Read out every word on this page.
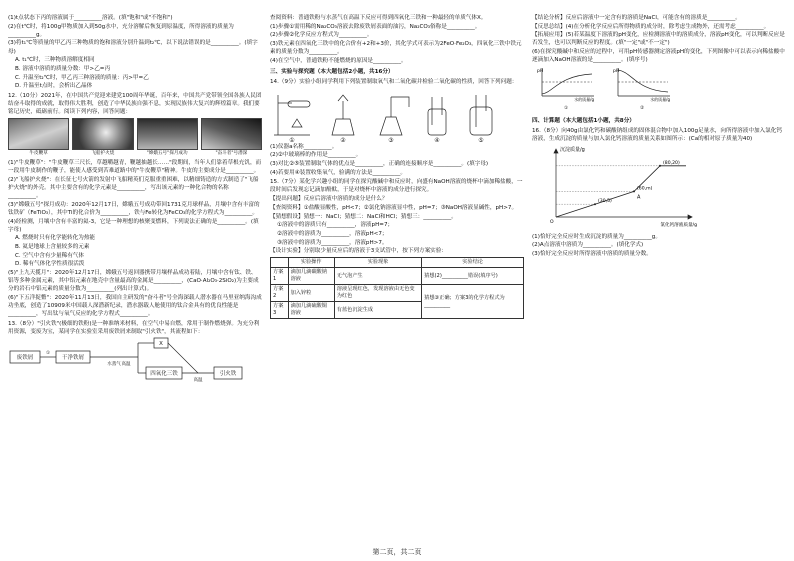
(1)t点状态下丙的溶液属于__________溶液。(填"饱和"或"不饱和")

(2)在t℃时，将100g甲物质加入到50g水中，充分溶解后恢复到原温度，所得溶液的质量为__________g。

(3)将t₁℃等质量的甲乙丙三种物质的饱和溶液分别升温到t₂℃，以下说法错误的是__________。(填字母)

A. t₁℃时，三种物质溶解度相同

B. 溶液中溶质的质量分数：甲>乙=丙

C. 升温至t₂℃时，甲乙丙三种溶液的质量：丙>甲=乙

D. 升温至t点时，会析出乙晶体

12.（10分）2021年，在中国共产党迎来建党100周年华诞，百年来，中国共产党带领全国各族人民团结奋斗取得的成就，取得伟大胜利，创造了中华民族自强不息，实现民族伟大复兴的辉煌篇章。我们要铭记历史，砥砺前行。阅读下列内容，回答问题：

牛皮鞭草	飞船护火烧	"嫦娥五号"探月成功	"奋斗者"号潜深

(1)"牛皮鞭草"："牛皮鞭草三尺长，草越嚼越青，鞭越抽越长……"段期间，当年人们靠着草根充饥，而一段用牛皮制作的鞭子，能使人感受到苦难道路中的"牛皮鞭草"精神。牛皮的主要成分是__________。

(2)"飞船护火烧"：在长征七号火箭的发射中飞船精英们克服重重困难，以精细铸造的方式制造了"飞船护火烧"的外壳。其中主要含有的化学元素是__________，写出该元素的一种化合物的名称__________。

(3)"嫦娥五号"探月成功：2020年12月17日，嫦娥五号成功带回1731克月球样品，月壤中含有丰富的钛铁矿（FeTiO₃），其中Ti的化合价为__________，铁与Fe转化为FeCO₃的化学方程式为__________。

(4)经检测，月壤中含有丰富的氦-3，它是一种理想的核聚变燃料，下列说法正确的是__________。(填字母)

A. 燃烧时只有化学能转化为热能

B. 氦是地球上含量较多的元素

C. 空气中含有少量稀有气体

D. 稀有气体化学性质很活泼

(5)"上九天揽月"：2020年12月17日，嫦娥五号返回器携带月壤样品成功着陆，月壤中含有钛、铁、铝等多种金属元素，其中铝元素在地壳中含量最高的金属是__________，(CaO·Al₂O₃·2SiO₂)为主要成分的岩石中铝元素的质量分数为__________(列出计算式)。

(6)"下五洋捉鳖"：2020年11月13日，我国自主研发的"奋斗者"号全海深载人潜水器在马里亚纳海沟成功坐底，创造了10909米中国载人深潜新纪录，潜水器载人舱使用的钛合金具有的优良性能是__________，写出钛与氧气反应的化学方程式__________。

13.（8分）"引火铁"(极细的铁粉)是一种准纳米材料，在空气中易自燃，常用于制作燃烧弹。为充分利用资源，变废为宝，某同学在实验室采用废铁屑来制取"引火铁"，其流程如下：

废铁屑
①
干净铁屑
水蒸气 高温
X
四氧化三铁
高温
引火铁

查阅资料：普通铁粉与水蒸气在高温下反应可得到四氧化三铁和一种最轻的单质气体X。

(1)步骤①需用稀的Na₂CO₃溶液去除废铁屑表面的油污，Na₂CO₃俗称是__________。

(2)步骤②化学反应方程式为__________。

(3)铁元素在四氧化三铁中的化合价有+2和+3价，其化学式可表示为2FeO·Fe₂O₃，四氧化三铁中铁元素的质量分数为__________。

(4)在空气中，普通铁粉不能燃烧的原因是__________。

三、实验与探究题（本大题包括2小题，共16分）

14.（9分）实验小组同学利用下列装置制取氧气和二氧化碳并检验二氧化碳的性质，回答下列问题：

①	②	③	④	⑤

(1)仪器a名称__________。

(2)②中玻璃棒的作用是__________。

(3)对比②⑤装置制取气体的优点是__________，正确的连接顺序是__________。(填字母)

(4)若要用④装置收集氧气，验满的方法是__________。

15.（7分）某化学兴趣小组的同学在探究酸碱中和反应时，向盛有NaOH溶液的烧杯中滴加稀盐酸，一段时间后发现忘记滴加酚酞，于是对烧杯中溶液的成分进行探究。

【提出问题】反应后溶液中溶质的成分是什么？

【查阅资料】①盐酸显酸性，pH<7；②氯化钠溶液显中性，pH=7；③NaOH溶液显碱性，pH>7。

【猜想假设】猜想一：NaCl；猜想二：NaCl和HCl；猜想三：__________。

①溶液中的溶质只有__________，溶液pH=7；

②溶液中的溶质为__________，溶液pH<7；

③溶液中的溶质为__________，溶液pH>7。

【设计实验】分别取少量反应后的溶液于3支试管中，按下列方案实验：

	实验操作	实验现象	实验结论
方案1	滴加几滴碳酸钠溶液	无气泡产生	猜想(2)__________错误(填序号)
方案2	加入锌粒	溶液呈现红色，发现溶液由无色变为红色	猜想③正确；方案3的化学方程式为__________
方案3	滴加几滴硫酸铜溶液	有蓝色沉淀生成	

【结论分析】反应后溶液中一定含有的溶质是NaCl，可能含有的溶质是__________。

【反思总结】(4)在分析化学反应后所得物质的成分时，除考虑生成物外，还需考虑__________。

【拓展应用】(5)若某温度下溶液的pH变化，应检测溶液中的溶质成分，溶液pH变化，可以判断反应是否发生，也可以判断反应的程度。(填"一定"或"不一定")

(6)在探究酸碱中和反应的过程中，可用pH传感器测定溶液pH的变化，下列图像中可以表示向稀盐酸中逐滴加入NaOH溶液的是__________。(填序号)

pH
水的质量/g
①
pH
水的质量/g
②

四、计算题（本大题包括1小题，共8分）

16.（8分）向40g由氯化钙和碳酸钠组成的固体混合物中加入100g足量水，向所得溶液中加入氯化钙溶液，生成沉淀的质量与加入氯化钙溶液的质量关系如图所示：(Ca的相对原子质量为40)

O
(30,5)
(60,m)
(80,20)
A
沉淀质量/g
氯化钙溶液质量/g

(1)恰好完全反应时生成沉淀的质量为__________g。

(2)A点溶液中溶质为__________。(填化学式)

(3)恰好完全反应时所得溶液中溶质的质量分数。

第二页，共二页
